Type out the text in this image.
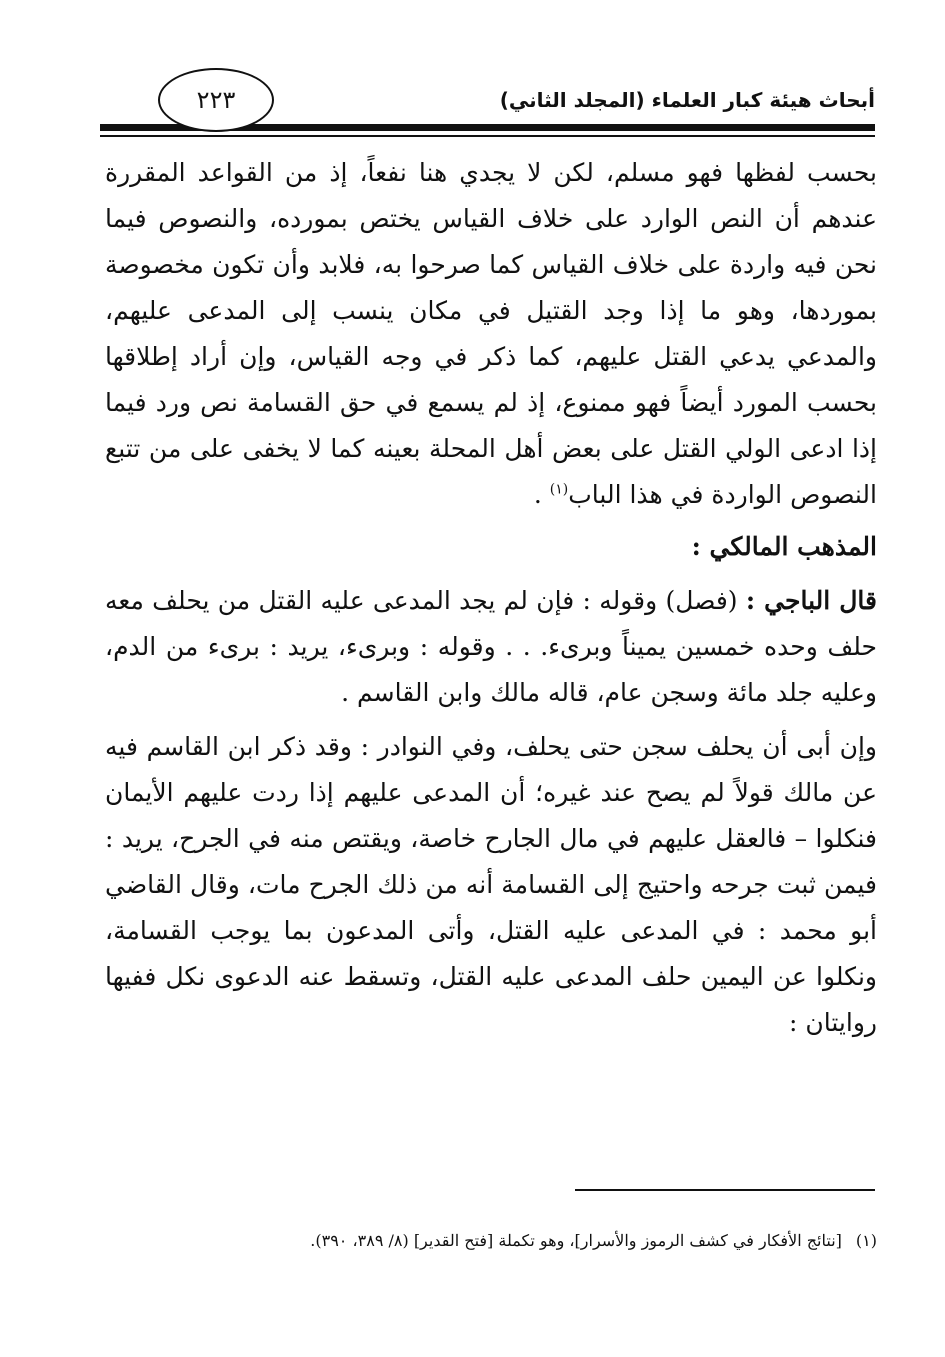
أبحاث هيئة كبار العلماء (المجلد الثاني)
٢٢٣

بحسب لفظها فهو مسلم، لكن لا يجدي هنا نفعاً، إذ من القواعد المقررة عندهم أن النص الوارد على خلاف القياس يختص بمورده، والنصوص فيما نحن فيه واردة على خلاف القياس كما صرحوا به، فلابد وأن تكون مخصوصة بموردها، وهو ما إذا وجد القتيل في مكان ينسب إلى المدعى عليهم، والمدعي يدعي القتل عليهم، كما ذكر في وجه القياس، وإن أراد إطلاقها بحسب المورد أيضاً فهو ممنوع، إذ لم يسمع في حق القسامة نص ورد فيما إذا ادعى الولي القتل على بعض أهل المحلة بعينه كما لا يخفى على من تتبع النصوص الواردة في هذا الباب$^{(١)}$ .

المذهب المالكي :

قال الباجي : (فصل) وقوله : فإن لم يجد المدعى عليه القتل من يحلف معه حلف وحده خمسين يميناً وبرىء. . . وقوله : وبرىء، يريد : برىء من الدم، وعليه جلد مائة وسجن عام، قاله مالك وابن القاسم .

وإن أبى أن يحلف سجن حتى يحلف، وفي النوادر : وقد ذكر ابن القاسم فيه عن مالك قولاً لم يصح عند غيره؛ أن المدعى عليهم إذا ردت عليهم الأيمان فنكلوا – فالعقل عليهم في مال الجارح خاصة، ويقتص منه في الجرح، يريد : فيمن ثبت جرحه واحتيج إلى القسامة أنه من ذلك الجرح مات، وقال القاضي أبو محمد : في المدعى عليه القتل، وأتى المدعون بما يوجب القسامة، ونكلوا عن اليمين حلف المدعى عليه القتل، وتسقط عنه الدعوى نكل ففيها روايتان :

(١)[نتائج الأفكار في كشف الرموز والأسرار]، وهو تكملة [فتح القدير] (٨/ ٣٨٩، ٣٩٠).
